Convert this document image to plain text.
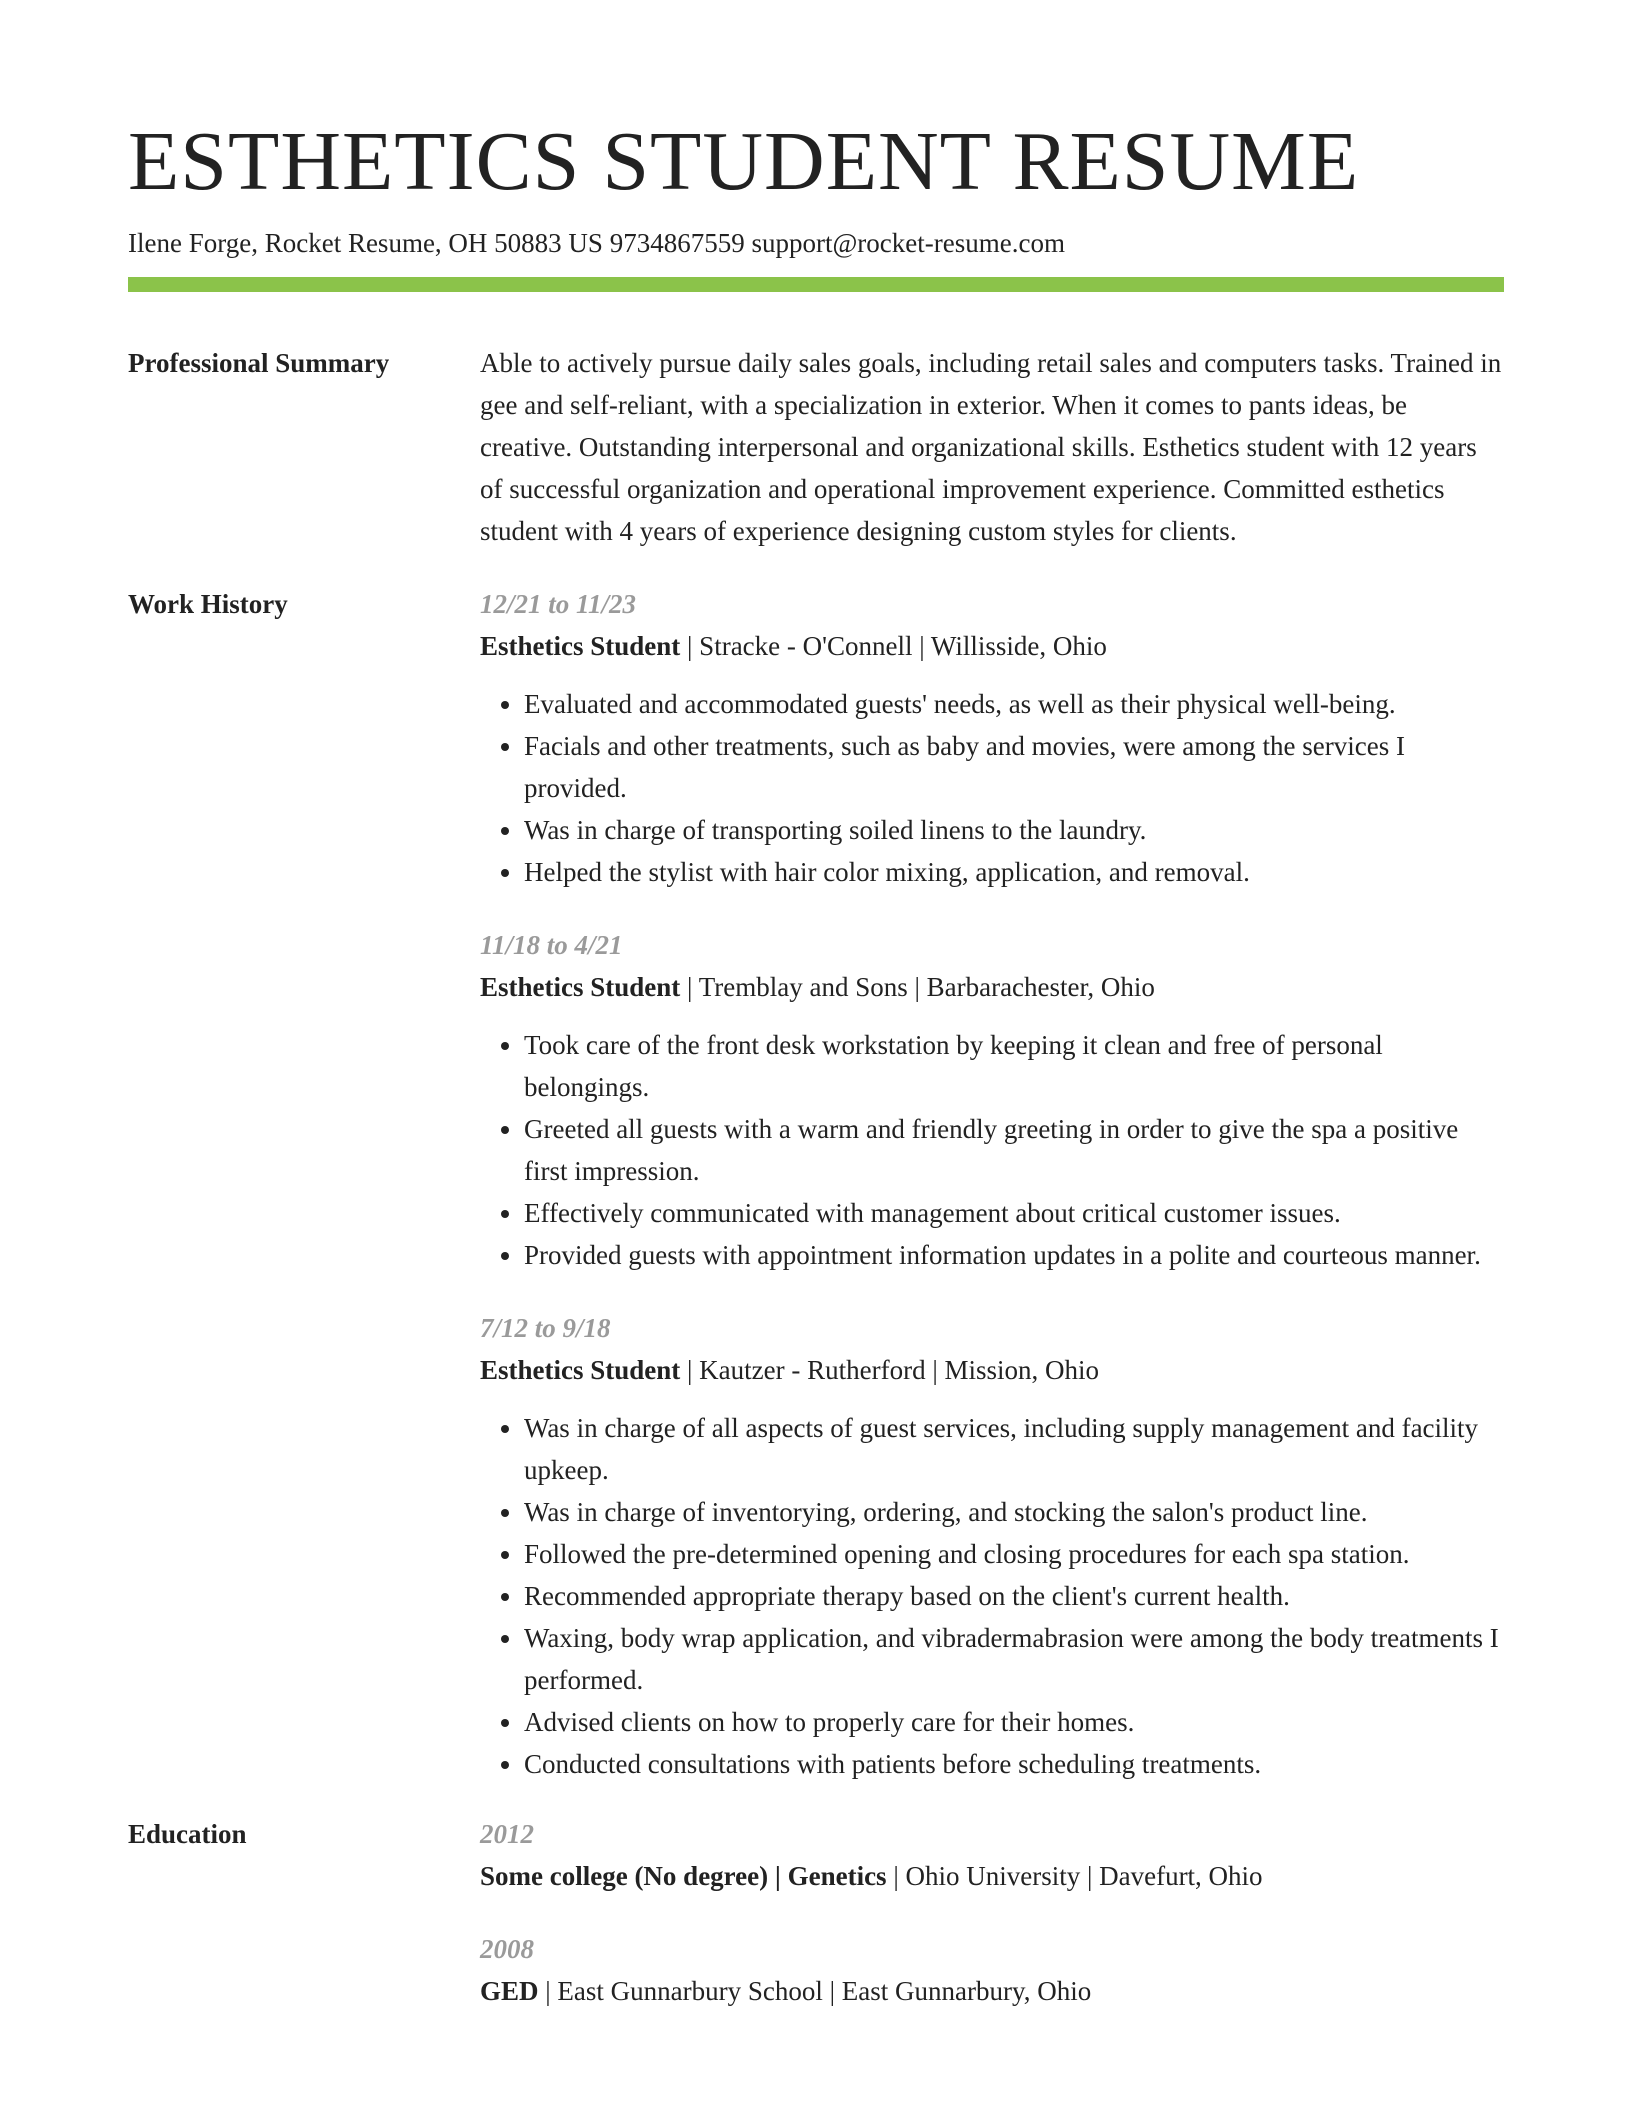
ESTHETICS STUDENT RESUME
Ilene Forge, Rocket Resume, OH 50883 US 9734867559 support@rocket-resume.com
Professional Summary	Able to actively pursue daily sales goals, including retail sales and computers tasks. Trained in gee and self-reliant, with a specialization in exterior. When it comes to pants ideas, be creative. Outstanding interpersonal and organizational skills. Esthetics student with 12 years of successful organization and operational improvement experience. Committed esthetics student with 4 years of experience designing custom styles for clients.
Work History	12/21 to 11/23
Esthetics Student | Stracke - O'Connell | Willisside, Ohio
• Evaluated and accommodated guests' needs, as well as their physical well-being.
• Facials and other treatments, such as baby and movies, were among the services I provided.
• Was in charge of transporting soiled linens to the laundry.
• Helped the stylist with hair color mixing, application, and removal.
11/18 to 4/21
Esthetics Student | Tremblay and Sons | Barbarachester, Ohio
• Took care of the front desk workstation by keeping it clean and free of personal belongings.
• Greeted all guests with a warm and friendly greeting in order to give the spa a positive first impression.
• Effectively communicated with management about critical customer issues.
• Provided guests with appointment information updates in a polite and courteous manner.
7/12 to 9/18
Esthetics Student | Kautzer - Rutherford | Mission, Ohio
• Was in charge of all aspects of guest services, including supply management and facility upkeep.
• Was in charge of inventorying, ordering, and stocking the salon's product line.
• Followed the pre-determined opening and closing procedures for each spa station.
• Recommended appropriate therapy based on the client's current health.
• Waxing, body wrap application, and vibradermabrasion were among the body treatments I performed.
• Advised clients on how to properly care for their homes.
• Conducted consultations with patients before scheduling treatments.
Education	2012
Some college (No degree) | Genetics | Ohio University | Davefurt, Ohio
2008
GED | East Gunnarbury School | East Gunnarbury, Ohio
